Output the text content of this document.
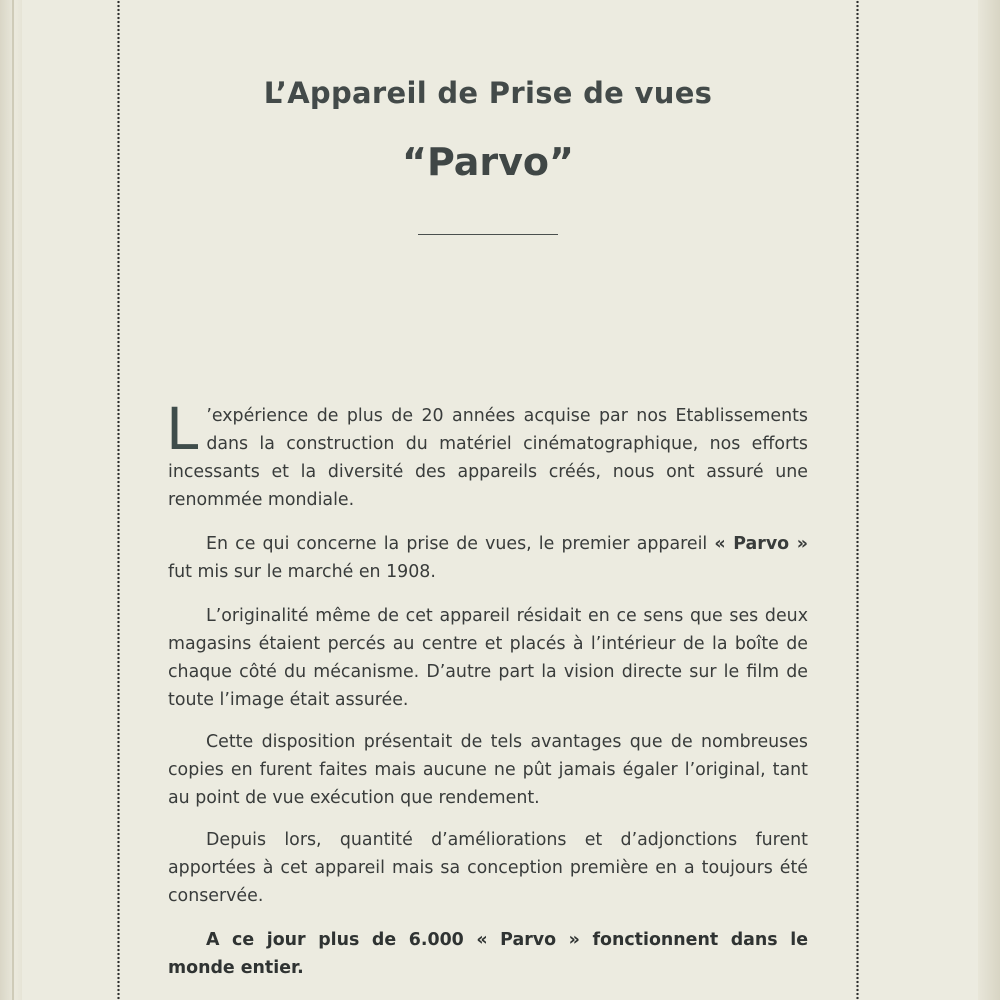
L’Appareil de Prise de vues
“Parvo”

L ’expérience de plus de 20 années acquise par nos Etablissements dans la construction du matériel cinématographique, nos efforts incessants et la diversité des appareils créés, nous ont assuré une renommée mondiale.

En ce qui concerne la prise de vues, le premier appareil « Parvo » fut mis sur le marché en 1908.

L’originalité même de cet appareil résidait en ce sens que ses deux magasins étaient percés au centre et placés à l’intérieur de la boîte de chaque côté du mécanisme. D’autre part la vision directe sur le film de toute l’image était assurée.

Cette disposition présentait de tels avantages que de nombreuses copies en furent faites mais aucune ne pût jamais égaler l’original, tant au point de vue exécution que rendement.

Depuis lors, quantité d’améliorations et d’adjonctions furent apportées à cet appareil mais sa conception première en a toujours été conservée.

A ce jour plus de 6.000 « Parvo » fonctionnent dans le monde entier.
